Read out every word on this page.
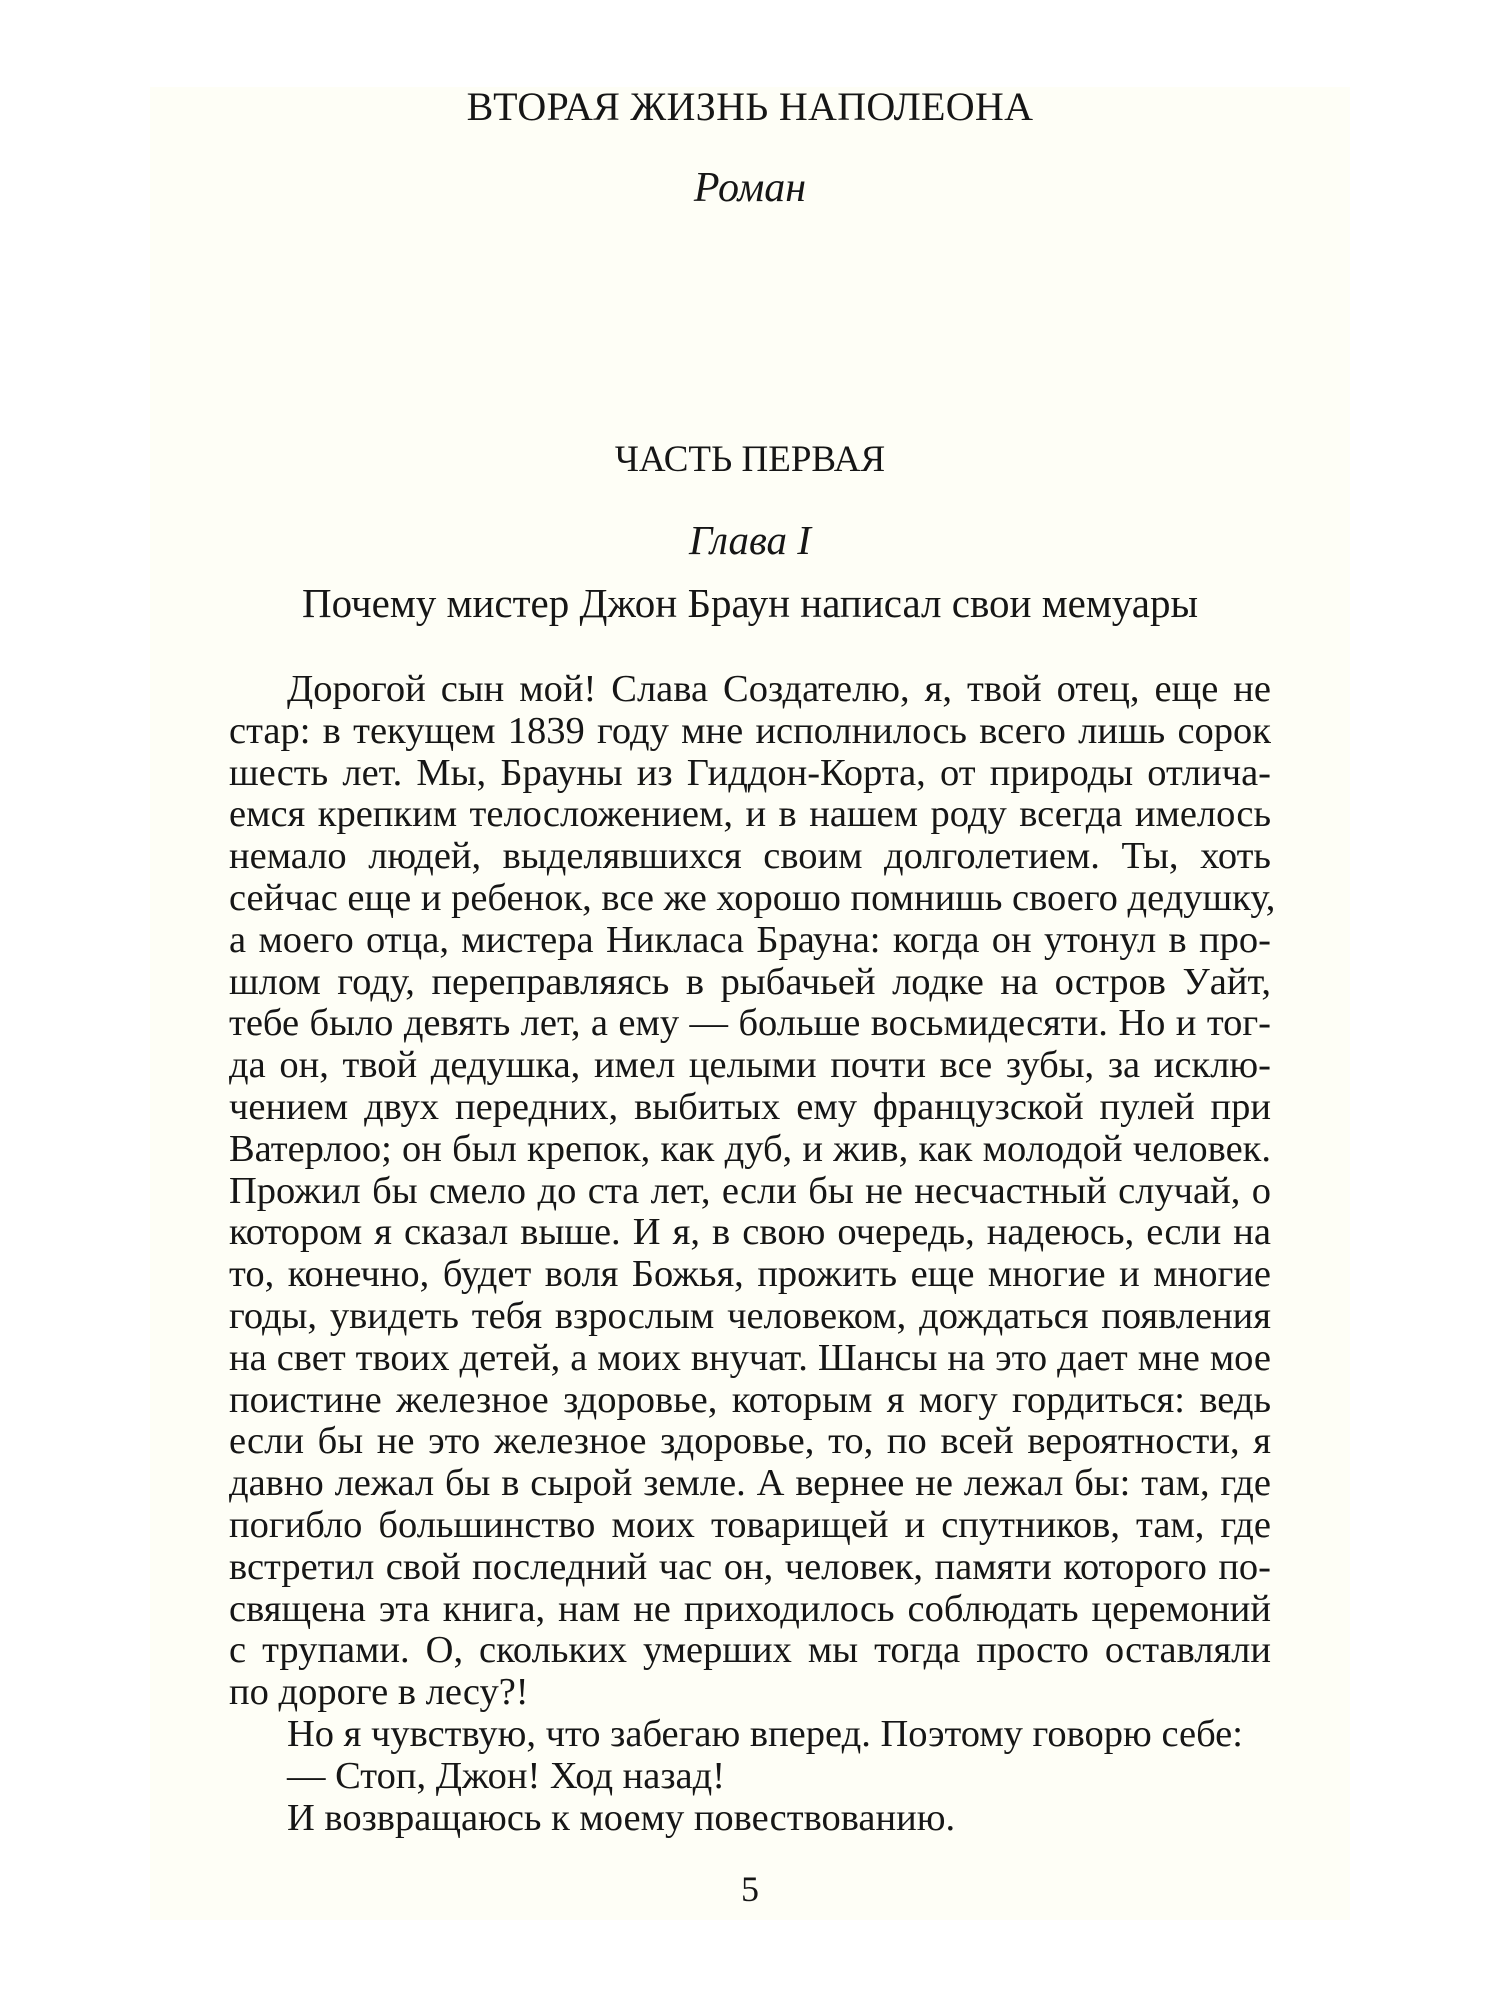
ВТОРАЯ ЖИЗНЬ НАПОЛЕОНА
Роман
ЧАСТЬ ПЕРВАЯ
Глава I
Почему мистер Джон Браун написал свои мемуары
Дорогой сын мой! Слава Создателю, я, твой отец, еще не
стар: в текущем 1839 году мне исполнилось всего лишь сорок
шесть лет. Мы, Брауны из Гиддон-Корта, от природы отлича-
емся крепким телосложением, и в нашем роду всегда имелось
немало людей, выделявшихся своим долголетием. Ты, хоть
сейчас еще и ребенок, все же хорошо помнишь своего дедушку,
а моего отца, мистера Никласа Брауна: когда он утонул в про-
шлом году, переправляясь в рыбачьей лодке на остров Уайт,
тебе было девять лет, а ему — больше восьмидесяти. Но и тог-
да он, твой дедушка, имел целыми почти все зубы, за исклю-
чением двух передних, выбитых ему французской пулей при
Ватерлоо; он был крепок, как дуб, и жив, как молодой человек.
Прожил бы смело до ста лет, если бы не несчастный случай, о
котором я сказал выше. И я, в свою очередь, надеюсь, если на
то, конечно, будет воля Божья, прожить еще многие и многие
годы, увидеть тебя взрослым человеком, дождаться появления
на свет твоих детей, а моих внучат. Шансы на это дает мне мое
поистине железное здоровье, которым я могу гордиться: ведь
если бы не это железное здоровье, то, по всей вероятности, я
давно лежал бы в сырой земле. А вернее не лежал бы: там, где
погибло большинство моих товарищей и спутников, там, где
встретил свой последний час он, человек, памяти которого по-
священа эта книга, нам не приходилось соблюдать церемоний
с трупами. О, скольких умерших мы тогда просто оставляли
по дороге в лесу?!
Но я чувствую, что забегаю вперед. Поэтому говорю себе:
— Стоп, Джон! Ход назад!
И возвращаюсь к моему повествованию.
5
